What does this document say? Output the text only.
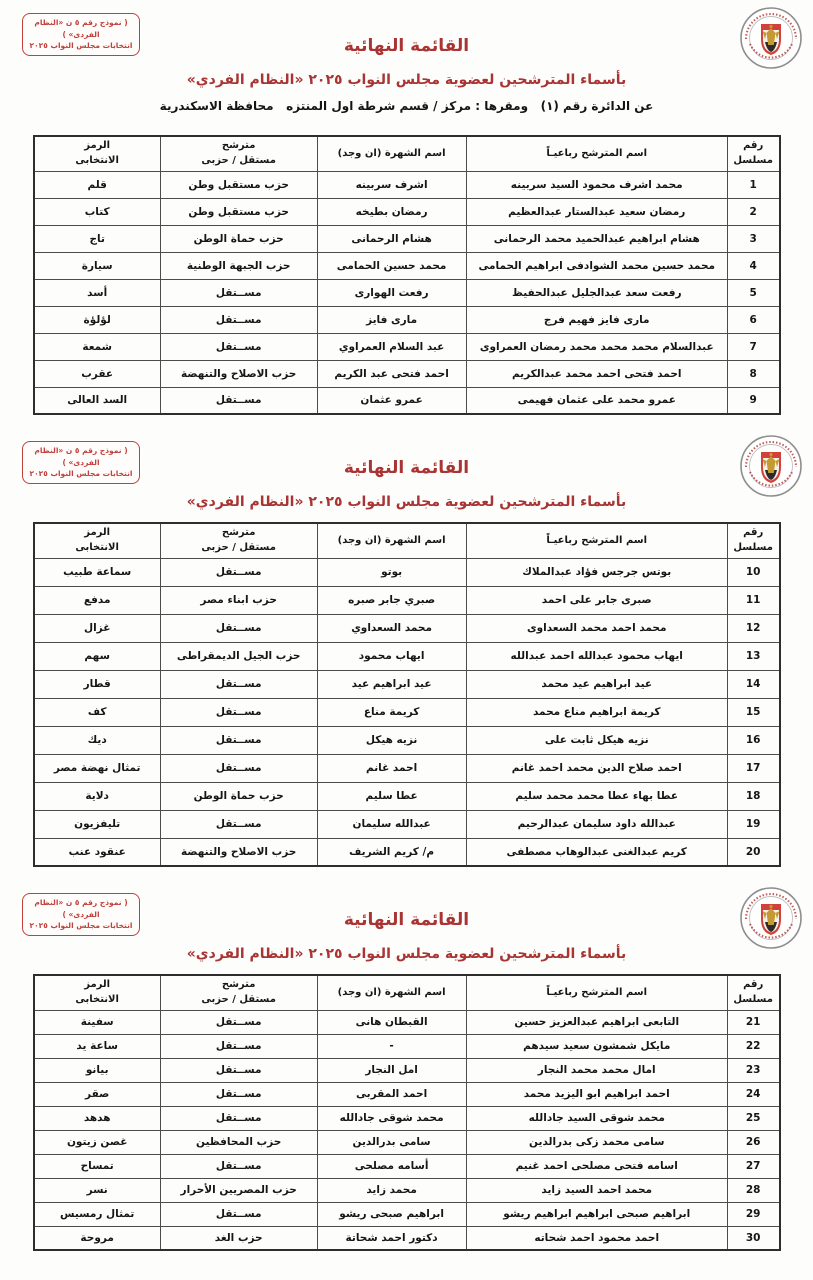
( نموذج رقم ٥ ن «النظام الفردى» )
انتخابات مجلس النواب ٢٠٢٥	القائمة النهائية
بأسماء المترشحين لعضوية مجلس النواب ٢٠٢٥ «النظام الفردي»
عن الدائرة رقم (١)   ومقرها : مركز / قسم شرطة اول المنتزه   محافظة الاسكندرية
رقم
مسلسل	اسم المترشح رباعيـاً	اسم الشهرة (ان وجد)	مترشح
مستقل / حزبى	الرمز
الانتخابى
1	محمد اشرف محمود السيد سربينه	اشرف سربينه	حزب مستقبل وطن	قلم
2	رمضان سعيد عبدالستار عبدالعظيم	رمضان بطيخه	حزب مستقبل وطن	كتاب
3	هشام ابراهيم عبدالحميد محمد الرحمانى	هشام الرحمانى	حزب حماة الوطن	تاج
4	محمد حسين محمد الشوادفى ابراهيم الحمامى	محمد حسين الحمامى	حزب الجبهة الوطنية	سيارة
5	رفعت سعد عبدالجليل عبدالحفيظ	رفعت الهوارى	مســتقل	أسد
6	مارى فايز فهيم فرج	مارى فايز	مســتقل	لؤلؤة
7	عبدالسلام محمد محمد محمد رمضان العمراوى	عبد السلام العمراوي	مســتقل	شمعة
8	احمد فتحى احمد محمد عبدالكريم	احمد فتحى عبد الكريم	حزب الاصلاح والتنهضة	عقرب
9	عمرو محمد على عثمان فهيمى	عمرو عثمان	مســتقل	السد العالى
( نموذج رقم ٥ ن «النظام الفردى» )
انتخابات مجلس النواب ٢٠٢٥	القائمة النهائية
بأسماء المترشحين لعضوية مجلس النواب ٢٠٢٥ «النظام الفردي»
رقم
مسلسل	اسم المترشح رباعيـاً	اسم الشهرة (ان وجد)	مترشح
مستقل / حزبى	الرمز
الانتخابى
10	بوتس جرجس فؤاد عبدالملاك	بوتو	مســتقل	سماعة طبيب
11	صبرى جابر على احمد	صبري جابر صبره	حزب ابناء مصر	مدفع
12	محمد احمد محمد السعداوى	محمد السعداوي	مســتقل	غزال
13	ايهاب محمود عبدالله احمد عبدالله	ايهاب محمود	حزب الجيل الديمقراطى	سهم
14	عيد ابراهيم عيد محمد	عيد ابراهيم عيد	مســتقل	قطار
15	كريمة ابراهيم مناع محمد	كريمة مناع	مســتقل	كف
16	نزيه هيكل ثابت على	نزيه هيكل	مســتقل	ديك
17	احمد صلاح الدين محمد احمد غانم	احمد غانم	مســتقل	تمثال نهضة مصر
18	عطا بهاء عطا محمد محمد سليم	عطا سليم	حزب حماة الوطن	دلاية
19	عبدالله داود سليمان عبدالرحيم	عبدالله سليمان	مســتقل	تليفزيون
20	كريم عبدالغنى عبدالوهاب مصطفى	م/ كريم الشريف	حزب الاصلاح والتنهضة	عنقود عنب
( نموذج رقم ٥ ن «النظام الفردى» )
انتخابات مجلس النواب ٢٠٢٥	القائمة النهائية
بأسماء المترشحين لعضوية مجلس النواب ٢٠٢٥ «النظام الفردي»
رقم
مسلسل	اسم المترشح رباعيـاً	اسم الشهرة (ان وجد)	مترشح
مستقل / حزبى	الرمز
الانتخابى
21	التابعى ابراهيم عبدالعزيز حسين	القبطان هانى	مســتقل	سفينة
22	مايكل شمشون سعيد سيدهم	-	مســتقل	ساعة يد
23	امال محمد محمد النجار	امل النجار	مســتقل	بيانو
24	احمد ابراهيم ابو اليزيد محمد	احمد المقربى	مســتقل	صقر
25	محمد شوقى السيد جادالله	محمد شوقى جادالله	مســتقل	هدهد
26	سامى محمد زكى بدرالدين	سامى بدرالدين	حزب المحافظين	غصن زيتون
27	اسامه فتحى مصلحى احمد غنيم	أسامه مصلحى	مســتقل	تمساح
28	محمد احمد السيد زايد	محمد زايد	حزب المصريين الأحرار	نسر
29	ابراهيم صبحى ابراهيم ابراهيم ريشو	ابراهيم صبحى ريشو	مســتقل	تمثال رمسيس
30	احمد محمود احمد شحاته	دكتور احمد شحاتة	حزب الغد	مروحة
